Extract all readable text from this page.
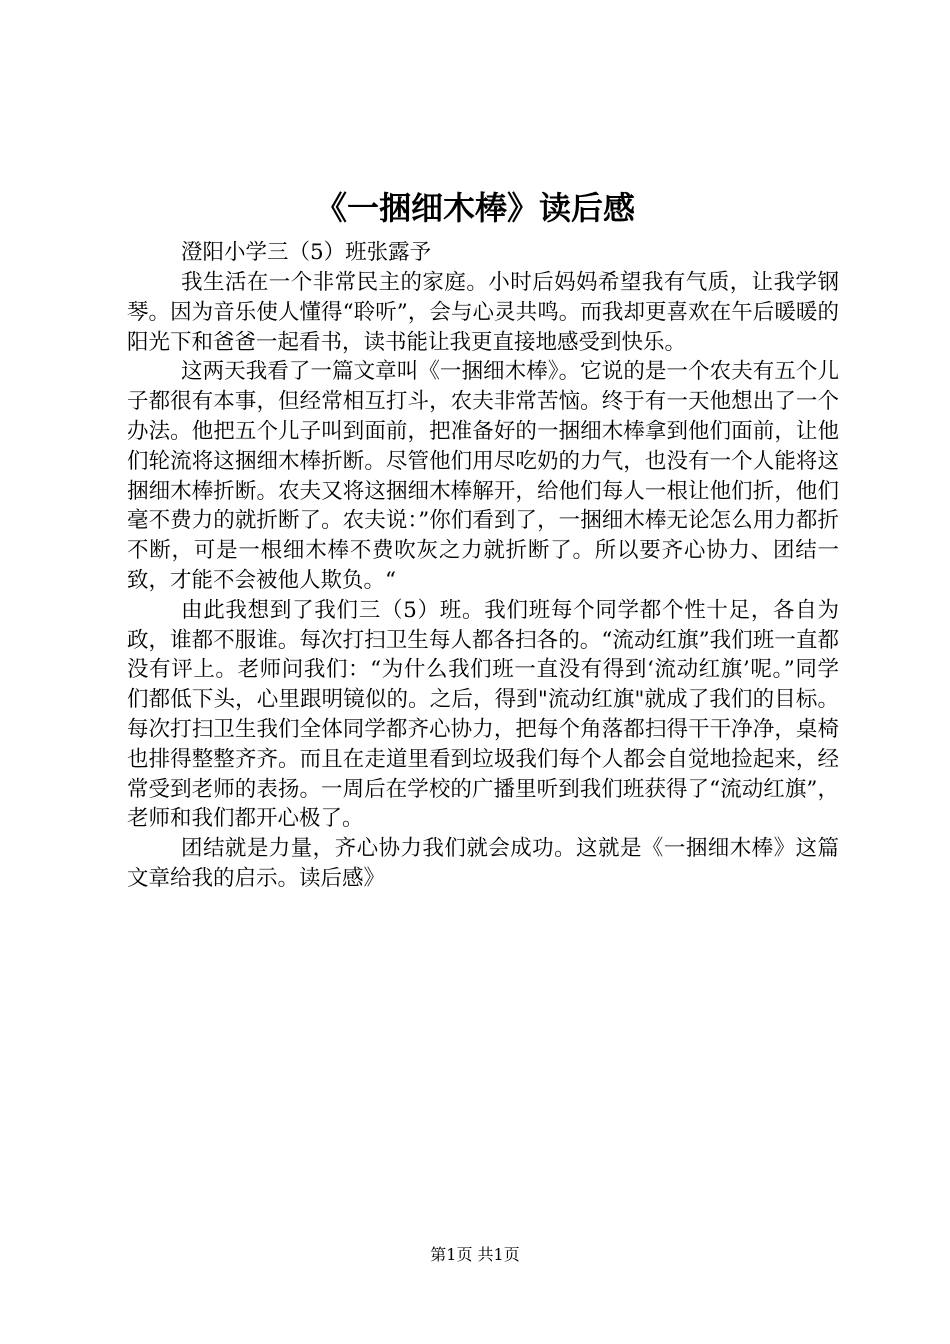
《一捆细木棒》读后感
澄阳小学三（5）班张露予

我生活在一个非常民主的家庭。小时后妈妈希望我有气质，让我学钢琴。因为音乐使人懂得“聆听”，会与心灵共鸣。而我却更喜欢在午后暖暖的阳光下和爸爸一起看书，读书能让我更直接地感受到快乐。

这两天我看了一篇文章叫《一捆细木棒》。它说的是一个农夫有五个儿子都很有本事，但经常相互打斗，农夫非常苦恼。终于有一天他想出了一个办法。他把五个儿子叫到面前，把准备好的一捆细木棒拿到他们面前，让他们轮流将这捆细木棒折断。尽管他们用尽吃奶的力气，也没有一个人能将这捆细木棒折断。农夫又将这捆细木棒解开，给他们每人一根让他们折，他们毫不费力的就折断了。农夫说：”你们看到了，一捆细木棒无论怎么用力都折不断，可是一根细木棒不费吹灰之力就折断了。所以要齐心协力、团结一致，才能不会被他人欺负。“

由此我想到了我们三（5）班。我们班每个同学都个性十足，各自为政，谁都不服谁。每次打扫卫生每人都各扫各的。“流动红旗”我们班一直都没有评上。老师问我们：“为什么我们班一直没有得到‘流动红旗’呢。”同学们都低下头，心里跟明镜似的。之后，得到"流动红旗"就成了我们的目标。每次打扫卫生我们全体同学都齐心协力，把每个角落都扫得干干净净，桌椅也排得整整齐齐。而且在走道里看到垃圾我们每个人都会自觉地捡起来，经常受到老师的表扬。一周后在学校的广播里听到我们班获得了“流动红旗”，老师和我们都开心极了。

团结就是力量，齐心协力我们就会成功。这就是《一捆细木棒》这篇文章给我的启示。读后感》

第1页 共1页
